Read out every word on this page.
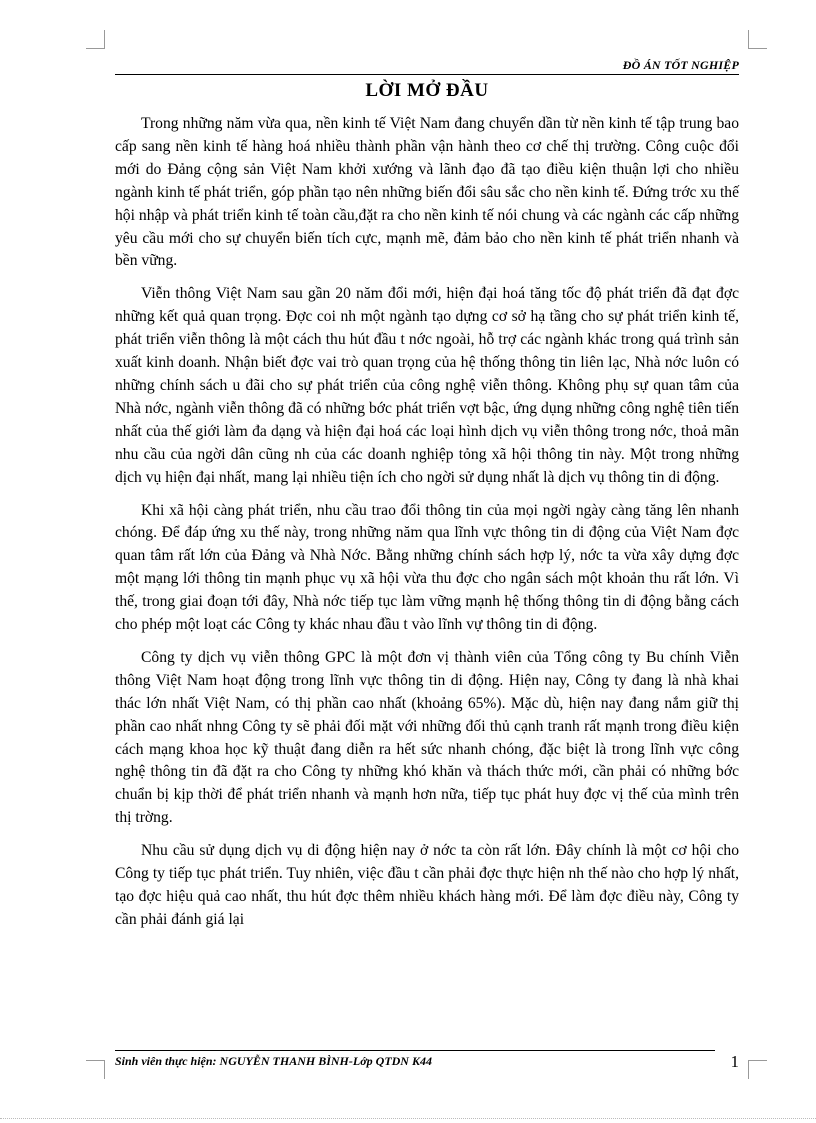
ĐỒ ÁN TỐT NGHIỆP
LỜI MỞ ĐẦU

Trong những năm vừa qua, nền kinh tế Việt Nam đang chuyển dần từ nền kinh tế tập trung bao cấp sang nền kinh tế hàng hoá nhiều thành phần vận hành theo cơ chế thị trường. Công cuộc đổi mới do Đảng cộng sản Việt Nam khởi xướng và lãnh đạo đã tạo điều kiện thuận lợi cho nhiều ngành kinh tế phát triển, góp phần tạo nên những biến đổi sâu sắc cho nền kinh tế. Đứng trớc xu thế hội nhập và phát triển kinh tế toàn cầu,đặt ra cho nền kinh tế nói chung và các ngành các cấp những yêu cầu mới cho sự chuyển biến tích cực, mạnh mẽ, đảm bảo cho nền kinh tế phát triển nhanh và bền vững.

Viễn thông Việt Nam sau gần 20 năm đổi mới, hiện đại hoá tăng tốc độ phát triển đã đạt đợc những kết quả quan trọng. Đợc coi nh một ngành tạo dựng cơ sở hạ tầng cho sự phát triển kinh tế, phát triển viễn thông là một cách thu hút đầu t nớc ngoài, hỗ trợ các ngành khác trong quá trình sản xuất kinh doanh. Nhận biết đợc vai trò quan trọng của hệ thống thông tin liên lạc, Nhà nớc luôn có những chính sách u đãi cho sự phát triển của công nghệ viễn thông. Không phụ sự quan tâm của Nhà nớc, ngành viễn thông đã có những bớc phát triển vợt bậc, ứng dụng những công nghệ tiên tiến nhất của thế giới làm đa dạng và hiện đại hoá các loại hình dịch vụ viễn thông trong nớc, thoả mãn nhu cầu của ngời dân cũng nh của các doanh nghiệp tỏng xã hội thông tin này. Một trong những dịch vụ hiện đại nhất, mang lại nhiều tiện ích cho ngời sử dụng nhất là dịch vụ thông tin di động.

Khi xã hội càng phát triển, nhu cầu trao đổi thông tin của mọi ngời ngày càng tăng lên nhanh chóng. Để đáp ứng xu thế này, trong những năm qua lĩnh vực thông tin di động của Việt Nam đợc quan tâm rất lớn của Đảng và Nhà Nớc. Bằng những chính sách hợp lý, nớc ta vừa xây dựng đợc một mạng lới thông tin mạnh phục vụ xã hội vừa thu đợc cho ngân sách một khoản thu rất lớn. Vì thế, trong giai đoạn tới đây, Nhà nớc tiếp tục làm vững mạnh hệ thống thông tin di động bằng cách cho phép một loạt các Công ty khác nhau đầu t vào lĩnh vự thông tin di động.

Công ty dịch vụ viễn thông GPC là một đơn vị thành viên của Tổng công ty Bu chính Viễn thông Việt Nam hoạt động trong lĩnh vực thông tin di động. Hiện nay, Công ty đang là nhà khai thác lớn nhất Việt Nam, có thị phần cao nhất (khoảng 65%). Mặc dù, hiện nay đang nắm giữ thị phần cao nhất nhng Công ty sẽ phải đối mặt với những đối thủ cạnh tranh rất mạnh trong điều kiện cách mạng khoa học kỹ thuật đang diễn ra hết sức nhanh chóng, đặc biệt là trong lĩnh vực công nghệ thông tin đã đặt ra cho Công ty những khó khăn và thách thức mới, cần phải có những bớc chuẩn bị kịp thời để phát triển nhanh và mạnh hơn nữa, tiếp tục phát huy đợc vị thế của mình trên thị trờng.

Nhu cầu sử dụng dịch vụ di động hiện nay ở nớc ta còn rất lớn. Đây chính là một cơ hội cho Công ty tiếp tục phát triển. Tuy nhiên, việc đầu t cần phải đợc thực hiện nh thế nào cho hợp lý nhất, tạo đợc hiệu quả cao nhất, thu hút đợc thêm nhiều khách hàng mới. Để làm đợc điều này, Công ty cần phải đánh giá lại

Sinh viên thực hiện: NGUYỄN THANH BÌNH-Lớp QTDN K44	1
